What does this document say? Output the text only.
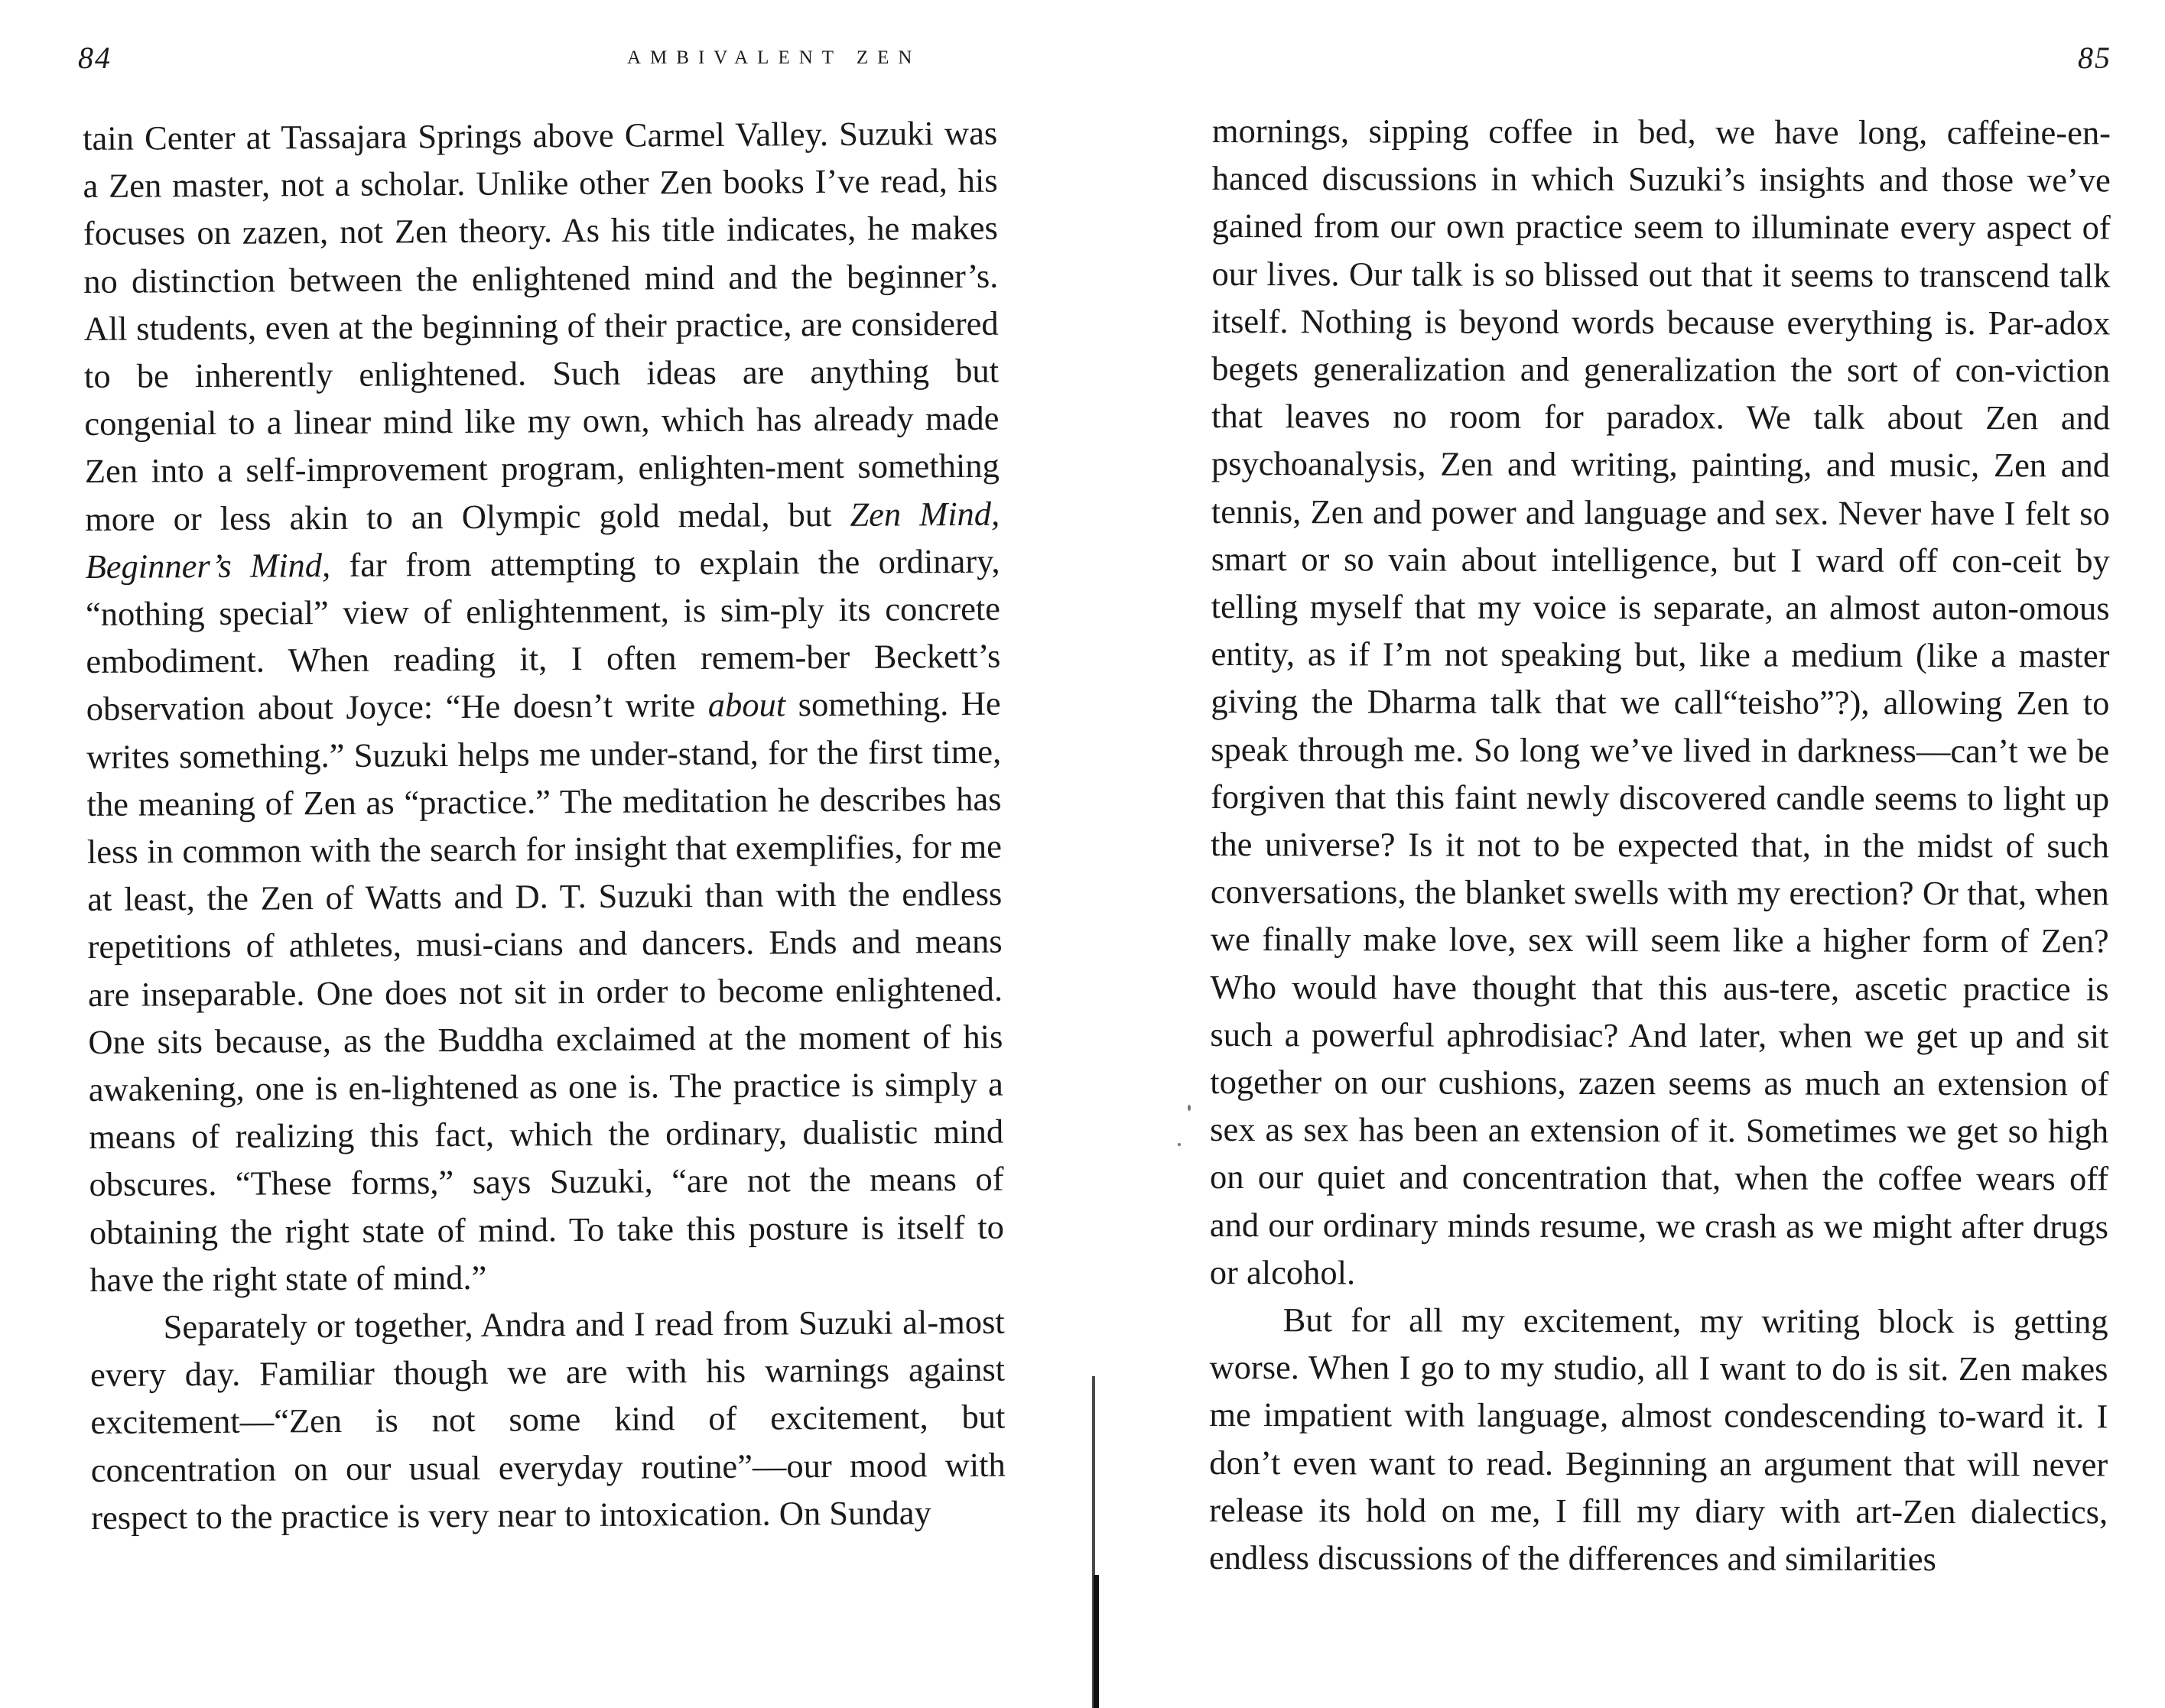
84	AMBIVALENT ZEN

tain Center at Tassajara Springs above Carmel Valley. Suzuki was a Zen master, not a scholar. Unlike other Zen books I’ve read, his focuses on zazen, not Zen theory. As his title indicates, he makes no distinction between the enlightened mind and the beginner’s. All students, even at the beginning of their practice, are considered to be inherently enlightened. Such ideas are anything but congenial to a linear mind like my own, which has already made Zen into a self-improvement program, enlighten-ment something more or less akin to an Olympic gold medal, but Zen Mind, Beginner’s Mind, far from attempting to explain the ordinary, “nothing special” view of enlightenment, is sim-ply its concrete embodiment. When reading it, I often remem-ber Beckett’s observation about Joyce: “He doesn’t write about something. He writes something.” Suzuki helps me under-stand, for the first time, the meaning of Zen as “practice.” The meditation he describes has less in common with the search for insight that exemplifies, for me at least, the Zen of Watts and D. T. Suzuki than with the endless repetitions of athletes, musi-cians and dancers. Ends and means are inseparable. One does not sit in order to become enlightened. One sits because, as the Buddha exclaimed at the moment of his awakening, one is en-lightened as one is. The practice is simply a means of realizing this fact, which the ordinary, dualistic mind obscures. “These forms,” says Suzuki, “are not the means of obtaining the right state of mind. To take this posture is itself to have the right state of mind.”

Separately or together, Andra and I read from Suzuki al-most every day. Familiar though we are with his warnings against excitement—“Zen is not some kind of excitement, but concentration on our usual everyday routine”—our mood with respect to the practice is very near to intoxication. On Sunday

85

mornings, sipping coffee in bed, we have long, caffeine-en-hanced discussions in which Suzuki’s insights and those we’ve gained from our own practice seem to illuminate every aspect of our lives. Our talk is so blissed out that it seems to transcend talk itself. Nothing is beyond words because everything is. Par-adox begets generalization and generalization the sort of con-viction that leaves no room for paradox. We talk about Zen and psychoanalysis, Zen and writing, painting, and music, Zen and tennis, Zen and power and language and sex. Never have I felt so smart or so vain about intelligence, but I ward off con-ceit by telling myself that my voice is separate, an almost auton-omous entity, as if I’m not speaking but, like a medium (like a master giving the Dharma talk that we call“teisho”?), allowing Zen to speak through me. So long we’ve lived in darkness—can’t we be forgiven that this faint newly discovered candle seems to light up the universe? Is it not to be expected that, in the midst of such conversations, the blanket swells with my erection? Or that, when we finally make love, sex will seem like a higher form of Zen? Who would have thought that this aus-tere, ascetic practice is such a powerful aphrodisiac? And later, when we get up and sit together on our cushions, zazen seems as much an extension of sex as sex has been an extension of it. Sometimes we get so high on our quiet and concentration that, when the coffee wears off and our ordinary minds resume, we crash as we might after drugs or alcohol.

But for all my excitement, my writing block is getting worse. When I go to my studio, all I want to do is sit. Zen makes me impatient with language, almost condescending to-ward it. I don’t even want to read. Beginning an argument that will never release its hold on me, I fill my diary with art-Zen dialectics, endless discussions of the differences and similarities
